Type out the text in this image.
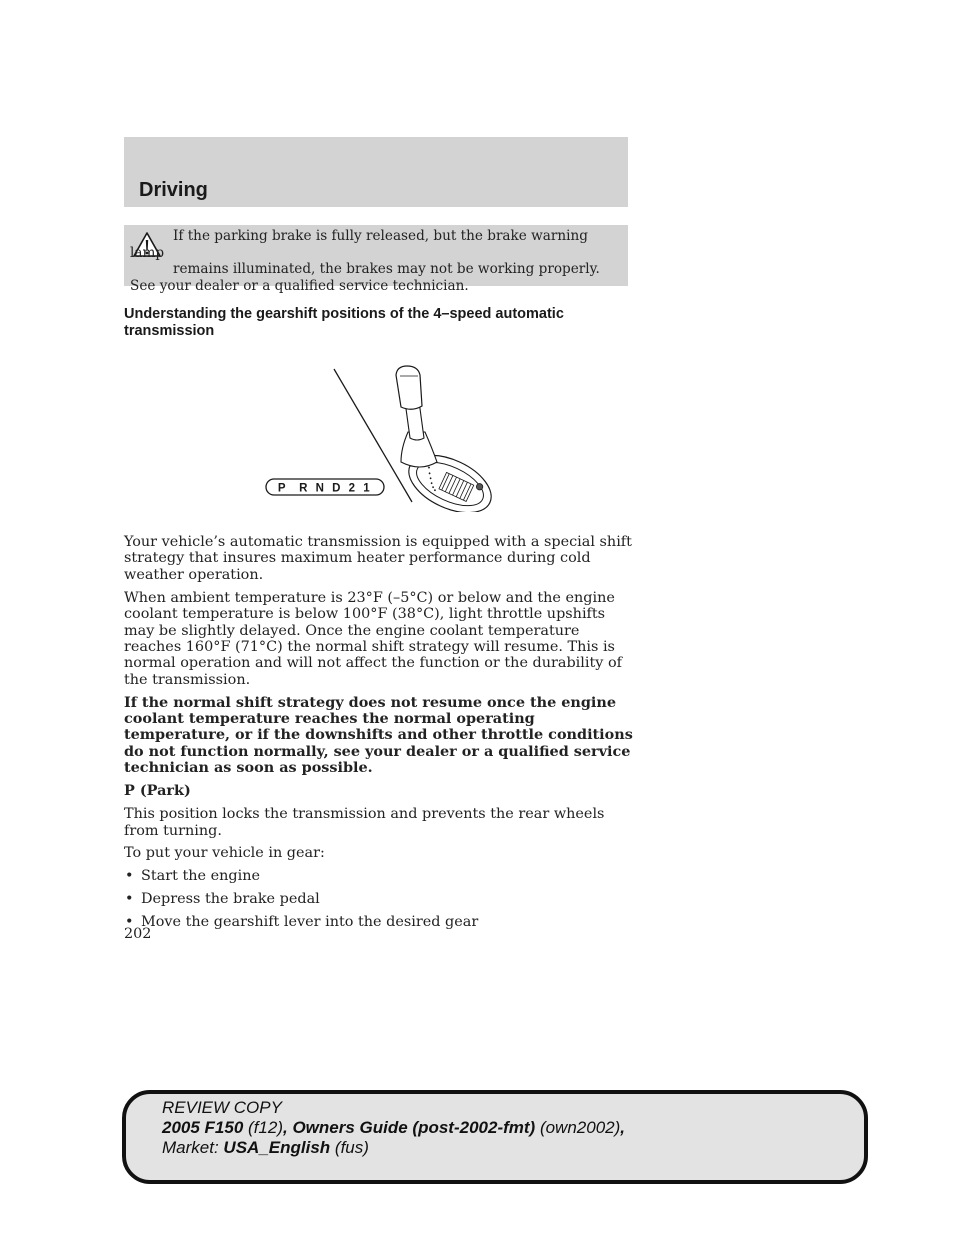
Driving
If the parking brake is fully released, but the brake warning lamp
remains illuminated, the brakes may not be working properly.
See your dealer or a qualified service technician.
Understanding the gearshift positions of the 4–speed automatic transmission
P  R N D 2 1

Your vehicle’s automatic transmission is equipped with a special shift strategy that insures maximum heater performance during cold weather operation.

When ambient temperature is 23°F (–5°C) or below and the engine coolant temperature is below 100°F (38°C), light throttle upshifts may be slightly delayed. Once the engine coolant temperature reaches 160°F (71°C) the normal shift strategy will resume. This is normal operation and will not affect the function or the durability of the transmission.

If the normal shift strategy does not resume once the engine coolant temperature reaches the normal operating temperature, or if the downshifts and other throttle conditions do not function normally, see your dealer or a qualified service technician as soon as possible.

P (Park)

This position locks the transmission and prevents the rear wheels from turning.

To put your vehicle in gear:

• Start the engine
• Depress the brake pedal
• Move the gearshift lever into the desired gear
202
REVIEW COPY
2005 F150 (f12), Owners Guide (post-2002-fmt) (own2002),
Market: USA_English (fus)
